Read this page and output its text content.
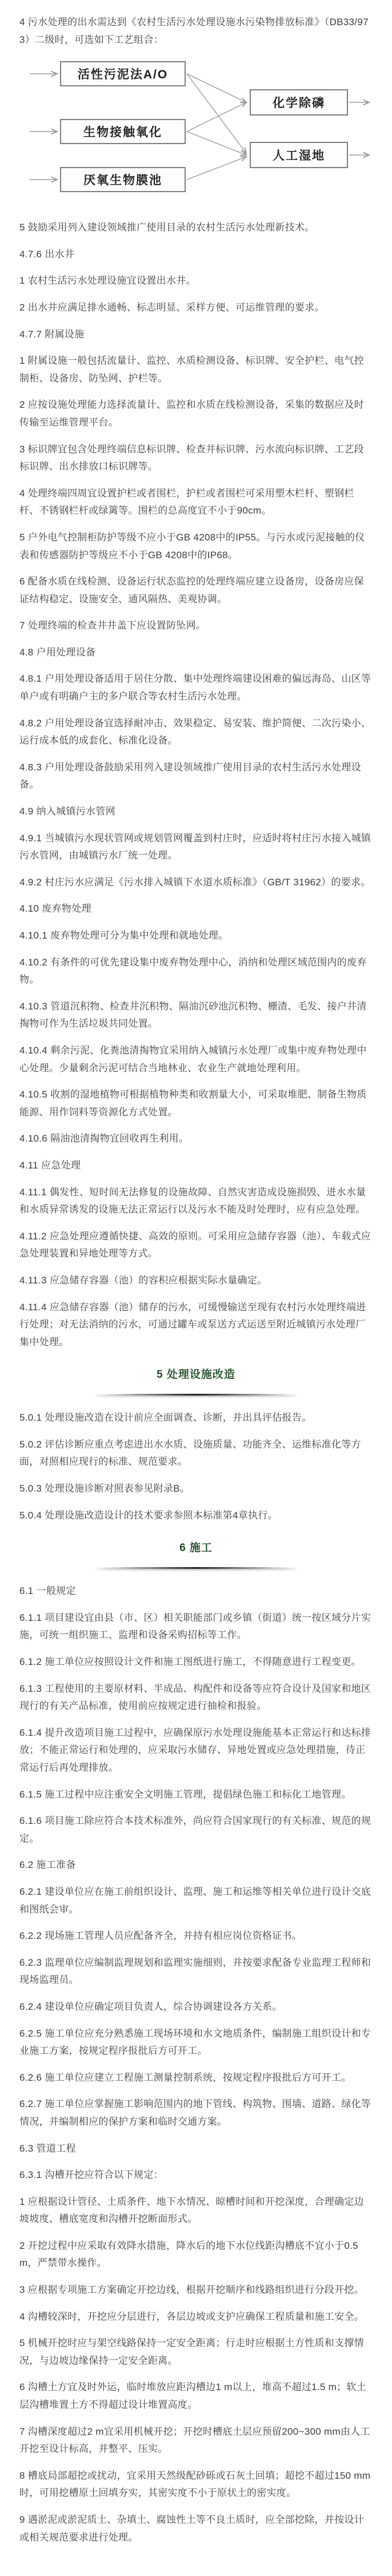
4 污水处理的出水需达到《农村生活污水处理设施水污染物排放标准》（DB33/973）二级时，可选如下工艺组合：

活性污泥法A/O
生物接触氧化
厌氧生物膜池
化学除磷
人工湿地

5 鼓励采用列入建设领域推广使用目录的农村生活污水处理新技术。

4.7.6 出水井

1 农村生活污水处理设施宜设置出水井。

2 出水井应满足排水通畅、标志明显、采样方便、可运维管理的要求。

4.7.7 附属设施

1 附属设施一般包括流量计、监控、水质检测设备、标识牌、安全护栏、电气控制柜、设备房、防坠网、护栏等。

2 应按设施处理能力选择流量计、监控和水质在线检测设备，采集的数据应及时传输至运维管理平台。

3 标识牌宜包含处理终端信息标识牌、检查井标识牌、污水流向标识牌、工艺段标识牌、出水排放口标识牌等。

4 处理终端四周宜设置护栏或者围栏，护栏或者围栏可采用塑木栏杆、塑钢栏杆、不锈钢栏杆或绿篱等。围栏的总高度宜不小于90cm。

5 户外电气控制柜防护等级不应小于GB 4208中的IP55。与污水或污泥接触的仪表和传感器防护等级应不小于GB 4208中的IP68。

6 配备水质在线检测、设备运行状态监控的处理终端应建立设备房，设备房应保证结构稳定、设施安全、通风隔热、美观协调。

7 处理终端的检查井井盖下应设置防坠网。

4.8 户用处理设备

4.8.1 户用处理设备适用于居住分散、集中处理终端建设困难的偏远海岛、山区等单户或有明确户主的多户联合等农村生活污水处理。

4.8.2 户用处理设备宜选择耐冲击、效果稳定、易安装、维护简便、二次污染小、运行成本低的成套化、标准化设备。

4.8.3 户用处理设备鼓励采用列入建设领域推广使用目录的农村生活污水处理设备。

4.9 纳入城镇污水管网

4.9.1 当城镇污水现状管网或规划管网覆盖到村庄时，应适时将村庄污水接入城镇污水管网，由城镇污水厂统一处理。

4.9.2 村庄污水应满足《污水排入城镇下水道水质标准》（GB/T 31962）的要求。

4.10 废弃物处理

4.10.1 废弃物处理可分为集中处理和就地处理。

4.10.2 有条件的可优先建设集中废弃物处理中心，消纳和处理区域范围内的废弃物。

4.10.3 管道沉积物、检查井沉积物、隔油沉砂池沉积物、栅渣、毛发、接户井清掏物可作为生活垃圾共同处置。

4.10.4 剩余污泥、化粪池清掏物宜采用纳入城镇污水处理厂或集中废弃物处理中心处理。少量剩余污泥可结合当地林业、农业生产就地处理利用。

4.10.5 收割的湿地植物可根据植物种类和收割量大小，可采取堆肥、制备生物质能源、用作饲料等资源化方式处置。

4.10.6 隔油池清掏物宜回收再生利用。

4.11 应急处理

4.11.1 偶发性、短时间无法修复的设施故障、自然灾害造成设施损毁、进水水量和水质异常诱发的设施无法正常运行以及污水不能及时处理时，应有应急处理。

4.11.2 应急处理应遵循快捷、高效的原则。可采用应急储存容器（池）、车载式应急处理装置和异地处理等方式。

4.11.3 应急储存容器（池）的容积应根据实际水量确定。

4.11.4 应急储存容器（池）储存的污水，可缓慢输送至现有农村污水处理终端进行处理；对无法消纳的污水，可通过罐车或泵送方式运送至附近城镇污水处理厂集中处理。

5 处理设施改造

5.0.1 处理设施改造在设计前应全面调查、诊断，并出具评估报告。

5.0.2 评估诊断应重点考虑进出水水质、设施质量、功能齐全、运维标准化等方面，对照相应现行的标准、规范要求。

5.0.3 处理设施诊断对照表参见附录B。

5.0.4 处理设施改造设计的技术要求参照本标准第4章执行。

6 施工

6.1 一般规定

6.1.1 项目建设宜由县（市、区）相关职能部门或乡镇（街道）统一按区域分片实施，可统一组织施工、监理和设备采购招标等工作。

6.1.2 施工单位应按照设计文件和施工图纸进行施工，不得随意进行工程变更。

6.1.3 工程使用的主要原材料、半成品、构配件和设备等应符合设计及国家和地区现行的有关产品标准，使用前应按规定进行抽检和报验。

6.1.4 提升改造项目施工过程中，应确保原污水处理设施能基本正常运行和达标排放；不能正常运行和处理的，应采取污水储存、异地处置或应急处理措施，待正常运行后再处理排放。

6.1.5 施工过程中应注重安全文明施工管理，提倡绿色施工和标化工地管理。

6.1.6 项目施工除应符合本技术标准外，尚应符合国家现行的有关标准、规范的规定。

6.2 施工准备

6.2.1 建设单位应在施工前组织设计、监理、施工和运维等相关单位进行设计交底和图纸会审。

6.2.2 现场施工管理人员应配备齐全，并持有相应岗位资格证书。

6.2.3 监理单位应编制监理规划和监理实施细则，并按要求配备专业监理工程师和现场监理员。

6.2.4 建设单位应确定项目负责人，综合协调建设各方关系。

6.2.5 施工单位应充分熟悉施工现场环境和水文地质条件，编制施工组织设计和专业施工方案，按规定程序报批后方可开工。

6.2.6 施工单位应建立工程施工测量控制系统，按规定程序报批后方可开工。

6.2.7 施工单位应掌握施工影响范围内的地下管线、构筑物、围墙、道路、绿化等情况，并编制相应的保护方案和临时交通方案。

6.3 管道工程

6.3.1 沟槽开挖应符合以下规定：

1 应根据设计管径、土质条件、地下水情况、晾槽时间和开挖深度，合理确定边坡坡度、槽底宽度和沟槽开挖断面形式。

2 开挖过程中应采取有效降水措施，降水后的地下水位线距沟槽底不宜小于0.5 m，严禁带水操作。

3 应根据专项施工方案确定开挖边线，根据开挖顺序和线路组织进行分段开挖。

4 沟槽较深时，开挖应分层进行，各层边坡或支护应确保工程质量和施工安全。

5 机械开挖时应与架空线路保持一定安全距离；行走时应根据土方性质和支撑情况，与边坡边缘保持一定安全距离。

6 沟槽土方宜及时外运，临时堆放应距沟槽边1 m以上，堆高不超过1.5 m；软土层沟槽堆置土方不得超过设计堆置高度。

7 沟槽深度超过2 m宜采用机械开挖；开挖时槽底土层应预留200~300 mm由人工开挖至设计标高，并整平、压实。

8 槽底局部超挖或扰动，宜采用天然级配砂砾或石灰土回填；超挖不超过150 mm时，可用挖槽原土回填夯实，其密实度不小于原状土的密实度。

9 遇淤泥或淤泥质土、杂填土、腐蚀性土等不良土质时，应全部挖除，并按设计或相关规范要求进行处理。
